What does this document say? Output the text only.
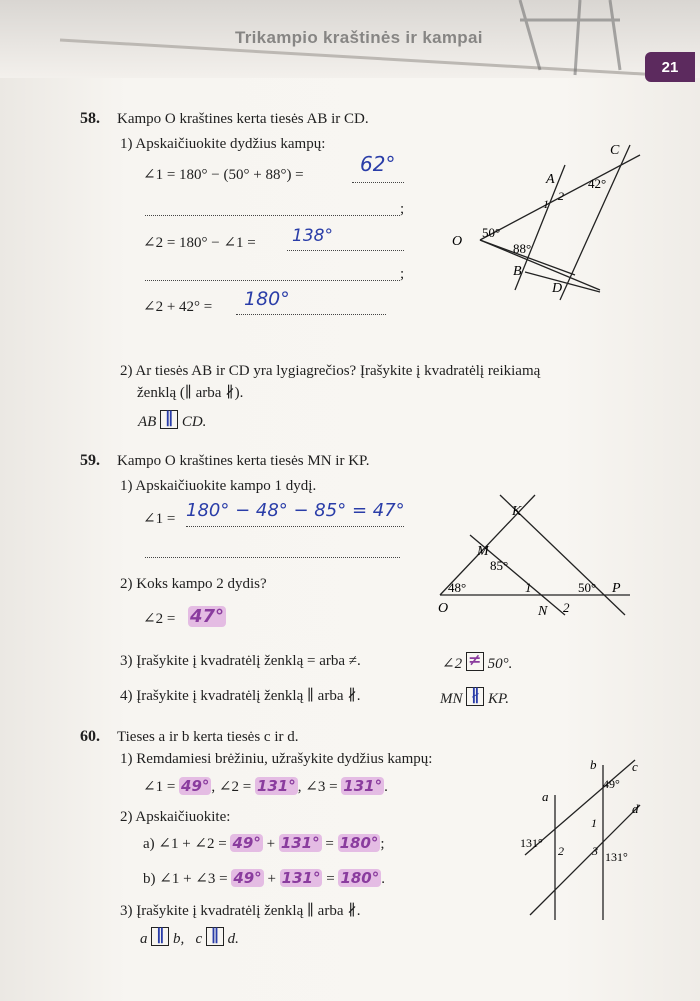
Trikampio kraštinės ir kampai
21
58. Kampo O kraštines kerta tiesės AB ir CD.
1) Apskaičiuokite dydžius kampų:
∠1 = 180° − (50° + 88°) =	62°
;
∠2 = 180° − ∠1 = 138°
;
∠2 + 42° = 180°
C
A
1
2
42°
O
50°
88°
B
D
2) Ar tiesės AB ir CD yra lygiagrečios? Įrašykite į kvadratėlį reikiamą
ženklą (∥ arba ∦).
AB ∥ CD.
59. Kampo O kraštines kerta tiesės MN ir KP.
1) Apskaičiuokite kampo 1 dydį.
∠1 = 180° − 48° − 85° = 47°
2) Koks kampo 2 dydis?
∠2 = 47°
K
M
85°
48°	1	50° P
O	N 2
3) Įrašykite į kvadratėlį ženklą = arba ≠.	∠2 ≠ 50°.
4) Įrašykite į kvadratėlį ženklą ∥ arba ∦.	MN ∦ KP.
60. Tieses a ir b kerta tiesės c ir d.
1) Remdamiesi brėžiniu, užrašykite dydžius kampų:
∠1 = 49° , ∠2 = 131° , ∠3 = 131° .
2) Apskaičiuokite:
a) ∠1 + ∠2 = 49° + 131° = 180° ;
b) ∠1 + ∠3 = 49° + 131° = 180° .
3) Įrašykite į kvadratėlį ženklą ∥ arba ∦.
a ∥ b, c ∥ d.
a
b	c
d
49°
131°
2
1
3 131°
